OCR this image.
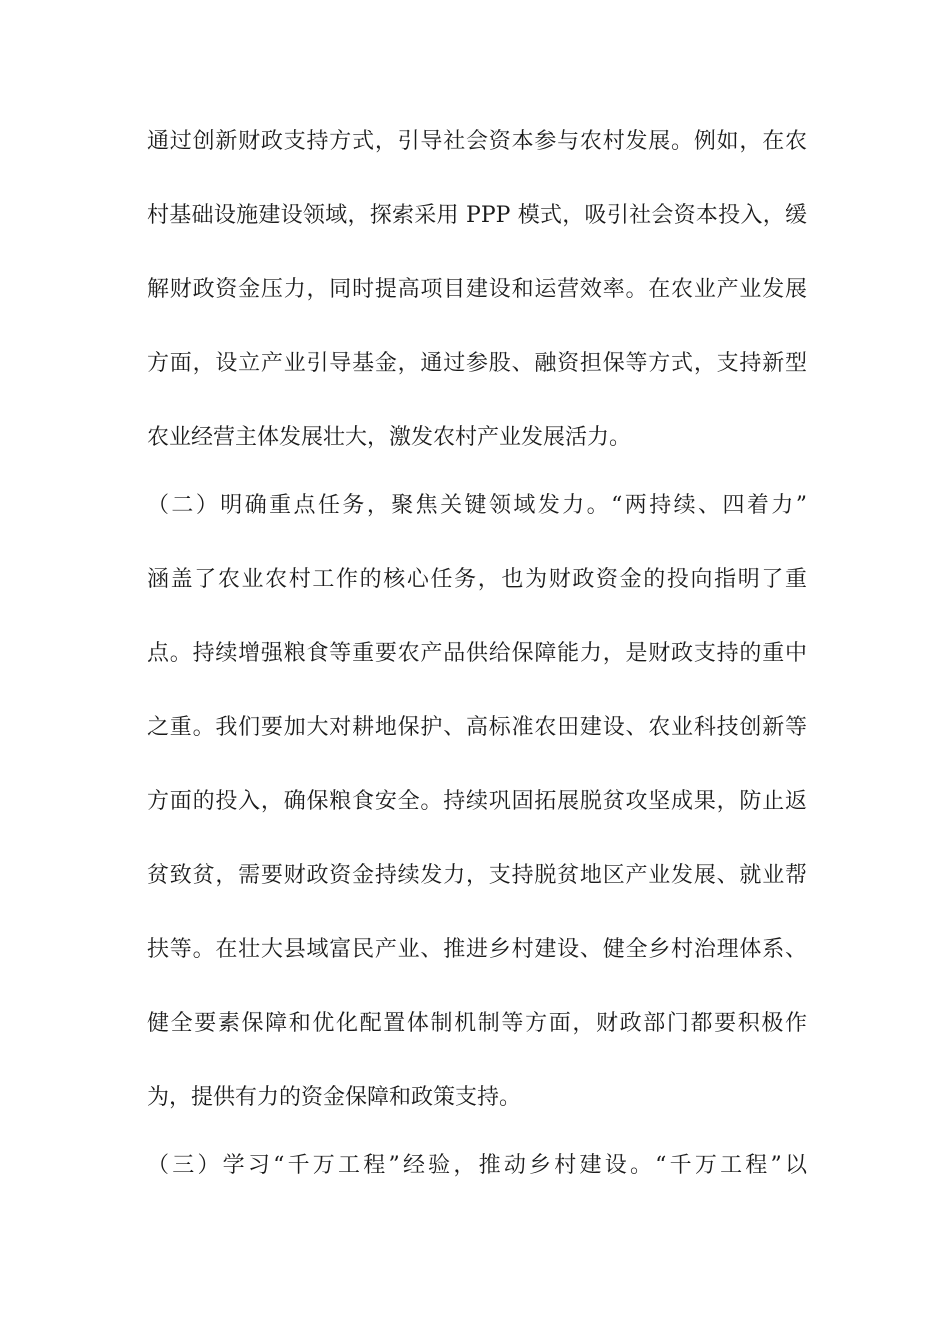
通过创新财政支持方式，引导社会资本参与农村发展。例如，在农
村基础设施建设领域，探索采用 PPP 模式，吸引社会资本投入，缓
解财政资金压力，同时提高项目建设和运营效率。在农业产业发展
方面，设立产业引导基金，通过参股、融资担保等方式，支持新型
农业经营主体发展壮大，激发农村产业发展活力。
（二）明确重点任务，聚焦关键领域发力。“两持续、四着力”
涵盖了农业农村工作的核心任务，也为财政资金的投向指明了重
点。持续增强粮食等重要农产品供给保障能力，是财政支持的重中
之重。我们要加大对耕地保护、高标准农田建设、农业科技创新等
方面的投入，确保粮食安全。持续巩固拓展脱贫攻坚成果，防止返
贫致贫，需要财政资金持续发力，支持脱贫地区产业发展、就业帮
扶等。在壮大县域富民产业、推进乡村建设、健全乡村治理体系、
健全要素保障和优化配置体制机制等方面，财政部门都要积极作
为，提供有力的资金保障和政策支持。
（三）学习“千万工程”经验，推动乡村建设。“千万工程”以
